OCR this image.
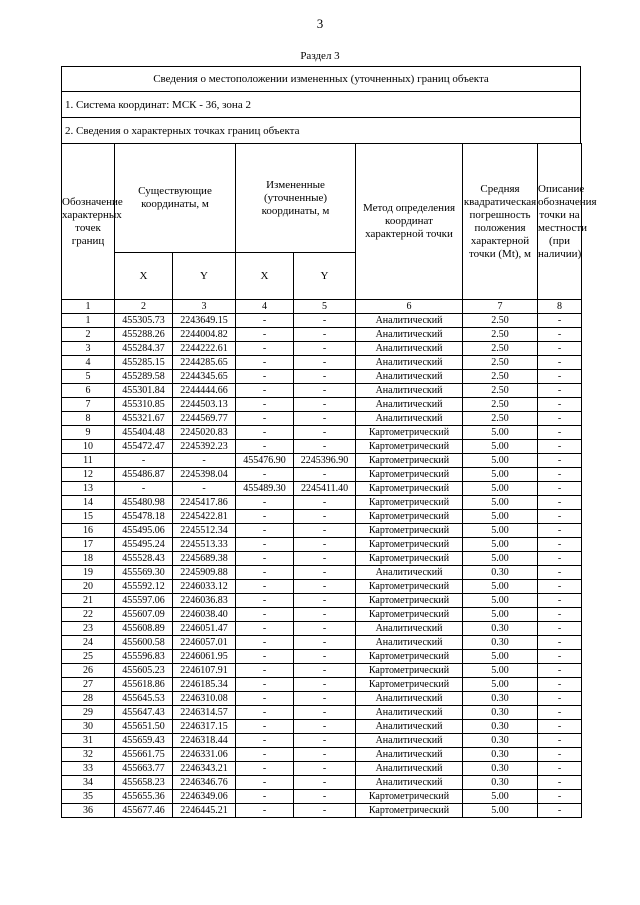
3
Раздел 3
Сведения о местоположении измененных (уточненных) границ объекта
1. Система координат: МСК - 36, зона 2
2. Сведения о характерных точках границ объекта
Обозначение характерных точек границ	Существующие координаты, м		Измененные (уточненные) координаты, м		Метод определения координат характерной точки	Средняя квадратическая погрешность положения характерной точки (Mt), м	Описание обозначения точки на местности (при наличии)
	X	Y	X	Y			
1	2	3	4	5	6	7	8
1	455305.73	2243649.15	-	-	Аналитический	2.50	-
2	455288.26	2244004.82	-	-	Аналитический	2.50	-
3	455284.37	2244222.61	-	-	Аналитический	2.50	-
4	455285.15	2244285.65	-	-	Аналитический	2.50	-
5	455289.58	2244345.65	-	-	Аналитический	2.50	-
6	455301.84	2244444.66	-	-	Аналитический	2.50	-
7	455310.85	2244503.13	-	-	Аналитический	2.50	-
8	455321.67	2244569.77	-	-	Аналитический	2.50	-
9	455404.48	2245020.83	-	-	Картометрический	5.00	-
10	455472.47	2245392.23	-	-	Картометрический	5.00	-
11	-	-	455476.90	2245396.90	Картометрический	5.00	-
12	455486.87	2245398.04	-	-	Картометрический	5.00	-
13	-	-	455489.30	2245411.40	Картометрический	5.00	-
14	455480.98	2245417.86	-	-	Картометрический	5.00	-
15	455478.18	2245422.81	-	-	Картометрический	5.00	-
16	455495.06	2245512.34	-	-	Картометрический	5.00	-
17	455495.24	2245513.33	-	-	Картометрический	5.00	-
18	455528.43	2245689.38	-	-	Картометрический	5.00	-
19	455569.30	2245909.88	-	-	Аналитический	0.30	-
20	455592.12	2246033.12	-	-	Картометрический	5.00	-
21	455597.06	2246036.83	-	-	Картометрический	5.00	-
22	455607.09	2246038.40	-	-	Картометрический	5.00	-
23	455608.89	2246051.47	-	-	Аналитический	0.30	-
24	455600.58	2246057.01	-	-	Аналитический	0.30	-
25	455596.83	2246061.95	-	-	Картометрический	5.00	-
26	455605.23	2246107.91	-	-	Картометрический	5.00	-
27	455618.86	2246185.34	-	-	Картометрический	5.00	-
28	455645.53	2246310.08	-	-	Аналитический	0.30	-
29	455647.43	2246314.57	-	-	Аналитический	0.30	-
30	455651.50	2246317.15	-	-	Аналитический	0.30	-
31	455659.43	2246318.44	-	-	Аналитический	0.30	-
32	455661.75	2246331.06	-	-	Аналитический	0.30	-
33	455663.77	2246343.21	-	-	Аналитический	0.30	-
34	455658.23	2246346.76	-	-	Аналитический	0.30	-
35	455655.36	2246349.06	-	-	Картометрический	5.00	-
36	455677.46	2246445.21	-	-	Картометрический	5.00	-
